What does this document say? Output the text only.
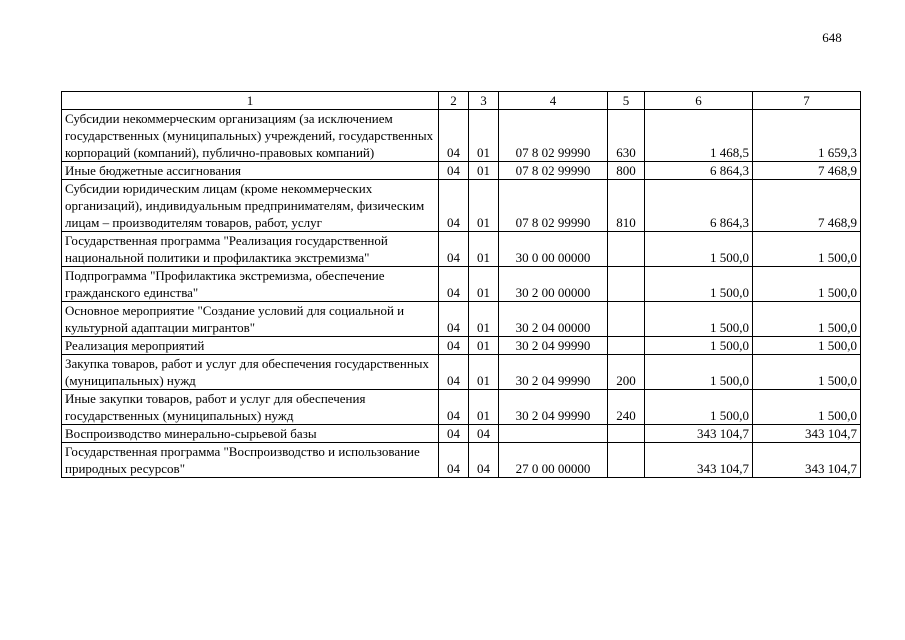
648
1	2	3	4	5	6	7
Субсидии некоммерческим организациям (за исключением государственных (муниципальных) учреждений, государственных корпораций (компаний), публично-правовых компаний)	04	01	07 8 02 99990	630	1 468,5	1 659,3
Иные бюджетные ассигнования	04	01	07 8 02 99990	800	6 864,3	7 468,9
Субсидии юридическим лицам (кроме некоммерческих организаций), индивидуальным предпринимателям, физическим лицам – производителям товаров, работ, услуг	04	01	07 8 02 99990	810	6 864,3	7 468,9
Государственная программа "Реализация государственной национальной политики и профилактика экстремизма"	04	01	30 0 00 00000		1 500,0	1 500,0
Подпрограмма "Профилактика экстремизма, обеспечение гражданского единства"	04	01	30 2 00 00000		1 500,0	1 500,0
Основное мероприятие "Создание условий для социальной и культурной адаптации мигрантов"	04	01	30 2 04 00000		1 500,0	1 500,0
Реализация мероприятий	04	01	30 2 04 99990		1 500,0	1 500,0
Закупка товаров, работ и услуг для обеспечения государственных (муниципальных) нужд	04	01	30 2 04 99990	200	1 500,0	1 500,0
Иные закупки товаров, работ и услуг для обеспечения государственных (муниципальных) нужд	04	01	30 2 04 99990	240	1 500,0	1 500,0
Воспроизводство минерально-сырьевой базы	04	04			343 104,7	343 104,7
Государственная программа "Воспроизводство и использование природных ресурсов"	04	04	27 0 00 00000		343 104,7	343 104,7
